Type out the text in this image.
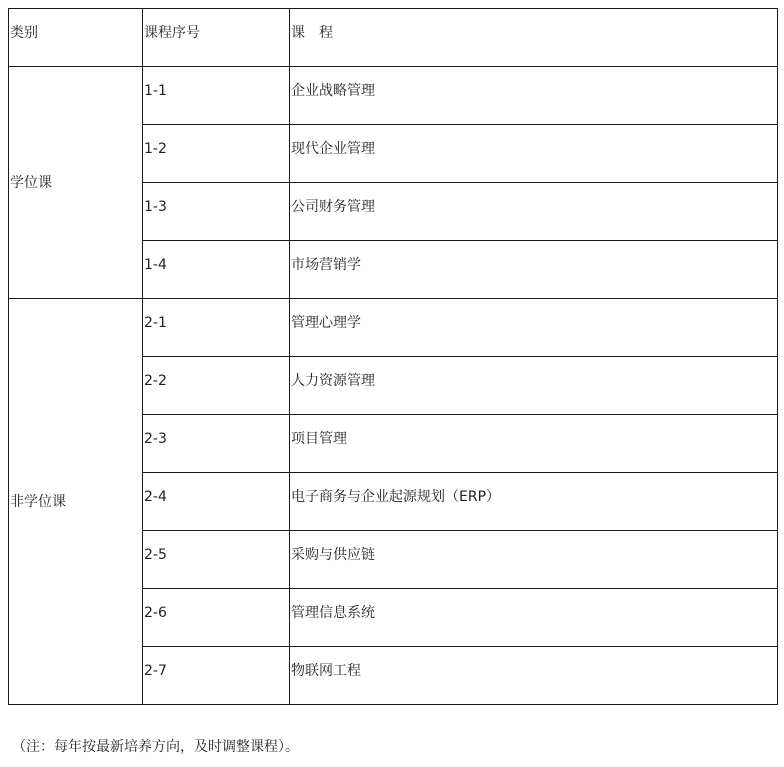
类别	课程序号	课　程

学位课	1-1	企业战略管理

	1-2	现代企业管理

	1-3	公司财务管理

	1-4	市场营销学

非学位课	2-1	管理心理学

	2-2	人力资源管理

	2-3	项目管理

	2-4	电子商务与企业起源规划（ERP）

	2-5	采购与供应链

	2-6	管理信息系统

	2-7	物联网工程
（注：每年按最新培养方向，及时调整课程）。
